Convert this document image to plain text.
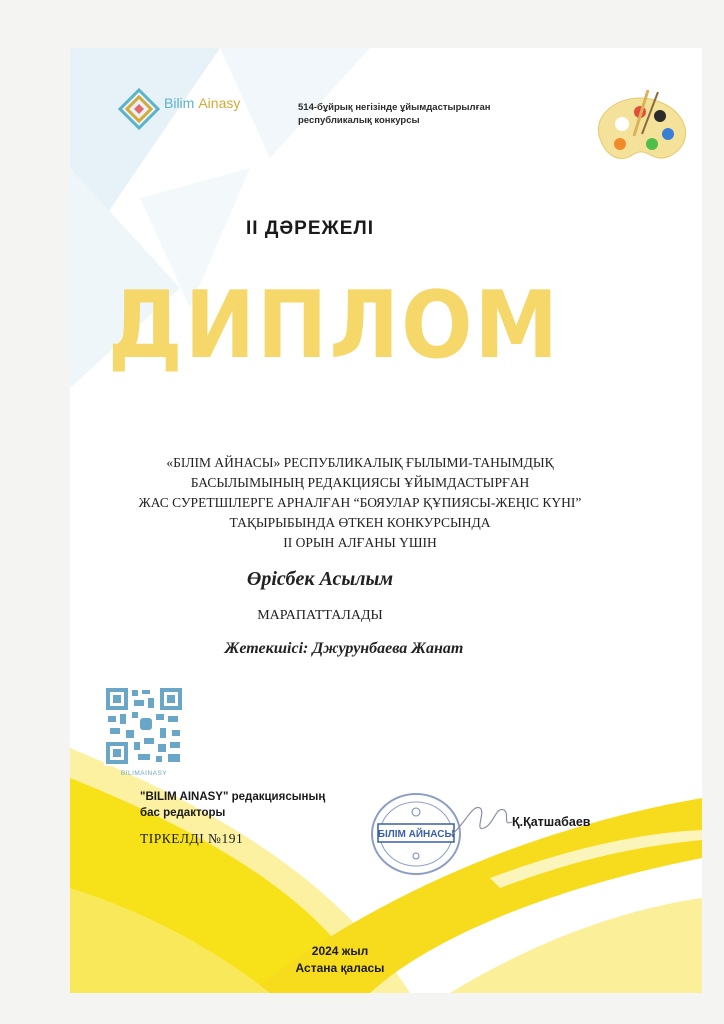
Bilim Ainasy	514-бұйрық негізінде ұйымдастырылған
республикалық конкурсы
II ДӘРЕЖЕЛІ
ДИПЛОМ
«БІЛІМ АЙНАСЫ» РЕСПУБЛИКАЛЫҚ ҒЫЛЫМИ-ТАНЫМДЫҚ
БАСЫЛЫМЫНЫҢ РЕДАКЦИЯСЫ ҰЙЫМДАСТЫРҒАН
ЖАС СУРЕТШІЛЕРГЕ АРНАЛҒАН “БОЯУЛАР ҚҰПИЯСЫ-ЖЕҢІС КҮНІ”
ТАҚЫРЫБЫНДА ӨТКЕН КОНКУРСЫНДА
II ОРЫН АЛҒАНЫ ҮШІН
Өрісбек Асылым
МАРАПАТТАЛАДЫ
Жетекшісі: Джурунбаева Жанат
BILIMAINASY
"BILIM AINASY" редакциясының
бас редакторы
ТІРКЕЛДІ №191	БІЛІМ АЙНАСЫ
Қ.Қатшабаев
2024 жыл
Астана қаласы
